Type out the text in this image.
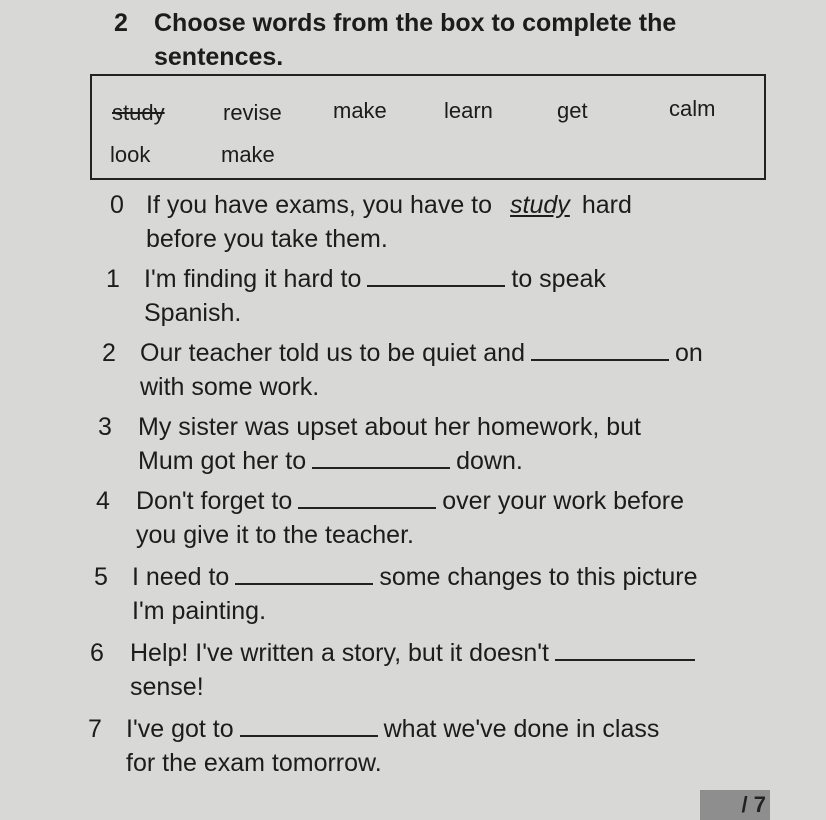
2 Choose words from the box to complete the
sentences.
study	revise make	learn	get	calm
look	make
0 If you have exams, you have to study hard
before you take them.
1 I'm finding it hard to	to speak
Spanish.
2 Our teacher told us to be quiet and	on
with some work.
3 My sister was upset about her homework, but
Mum got her to	down.
4 Don't forget to	over your work before
you give it to the teacher.
5 I need to	some changes to this picture
I'm painting.
6 Help! I've written a story, but it doesn't
sense!
7 I've got to	what we've done in class
for the exam tomorrow.
/ 7
